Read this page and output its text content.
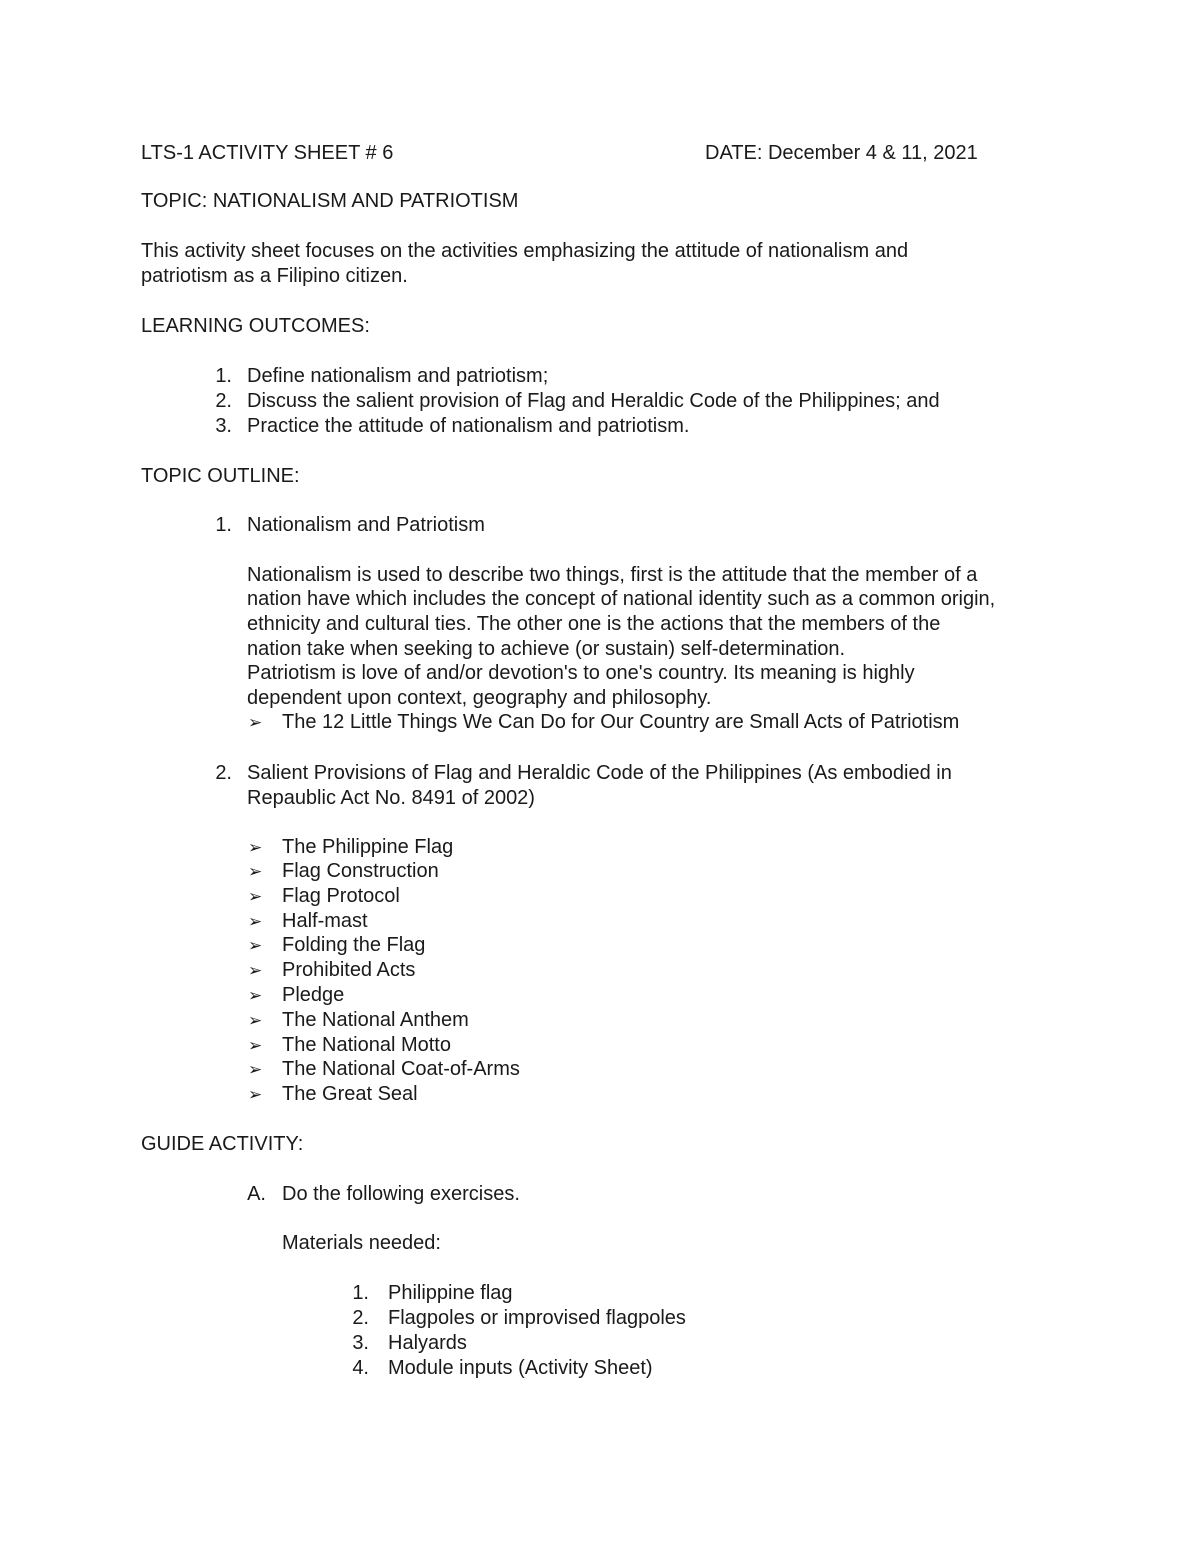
LTS-1 ACTIVITY SHEET # 6	DATE: December 4 & 11, 2021
TOPIC: NATIONALISM AND PATRIOTISM
This activity sheet focuses on the activities emphasizing the attitude of nationalism and
patriotism as a Filipino citizen.
LEARNING OUTCOMES:
1. Define nationalism and patriotism;
2. Discuss the salient provision of Flag and Heraldic Code of the Philippines; and
3. Practice the attitude of nationalism and patriotism.
TOPIC OUTLINE:
1. Nationalism and Patriotism
Nationalism is used to describe two things, first is the attitude that the member of a
nation have which includes the concept of national identity such as a common origin,
ethnicity and cultural ties. The other one is the actions that the members of the
nation take when seeking to achieve (or sustain) self-determination.
Patriotism is love of and/or devotion's to one's country. Its meaning is highly
dependent upon context, geography and philosophy.
➢ The 12 Little Things We Can Do for Our Country are Small Acts of Patriotism
2. Salient Provisions of Flag and Heraldic Code of the Philippines (As embodied in
Repaublic Act No. 8491 of 2002)
➢ The Philippine Flag
➢ Flag Construction
➢ Flag Protocol
➢ Half-mast
➢ Folding the Flag
➢ Prohibited Acts
➢ Pledge
➢ The National Anthem
➢ The National Motto
➢ The National Coat-of-Arms
➢ The Great Seal
GUIDE ACTIVITY:
A. Do the following exercises.
Materials needed:
1. Philippine flag
2. Flagpoles or improvised flagpoles
3. Halyards
4. Module inputs (Activity Sheet)
